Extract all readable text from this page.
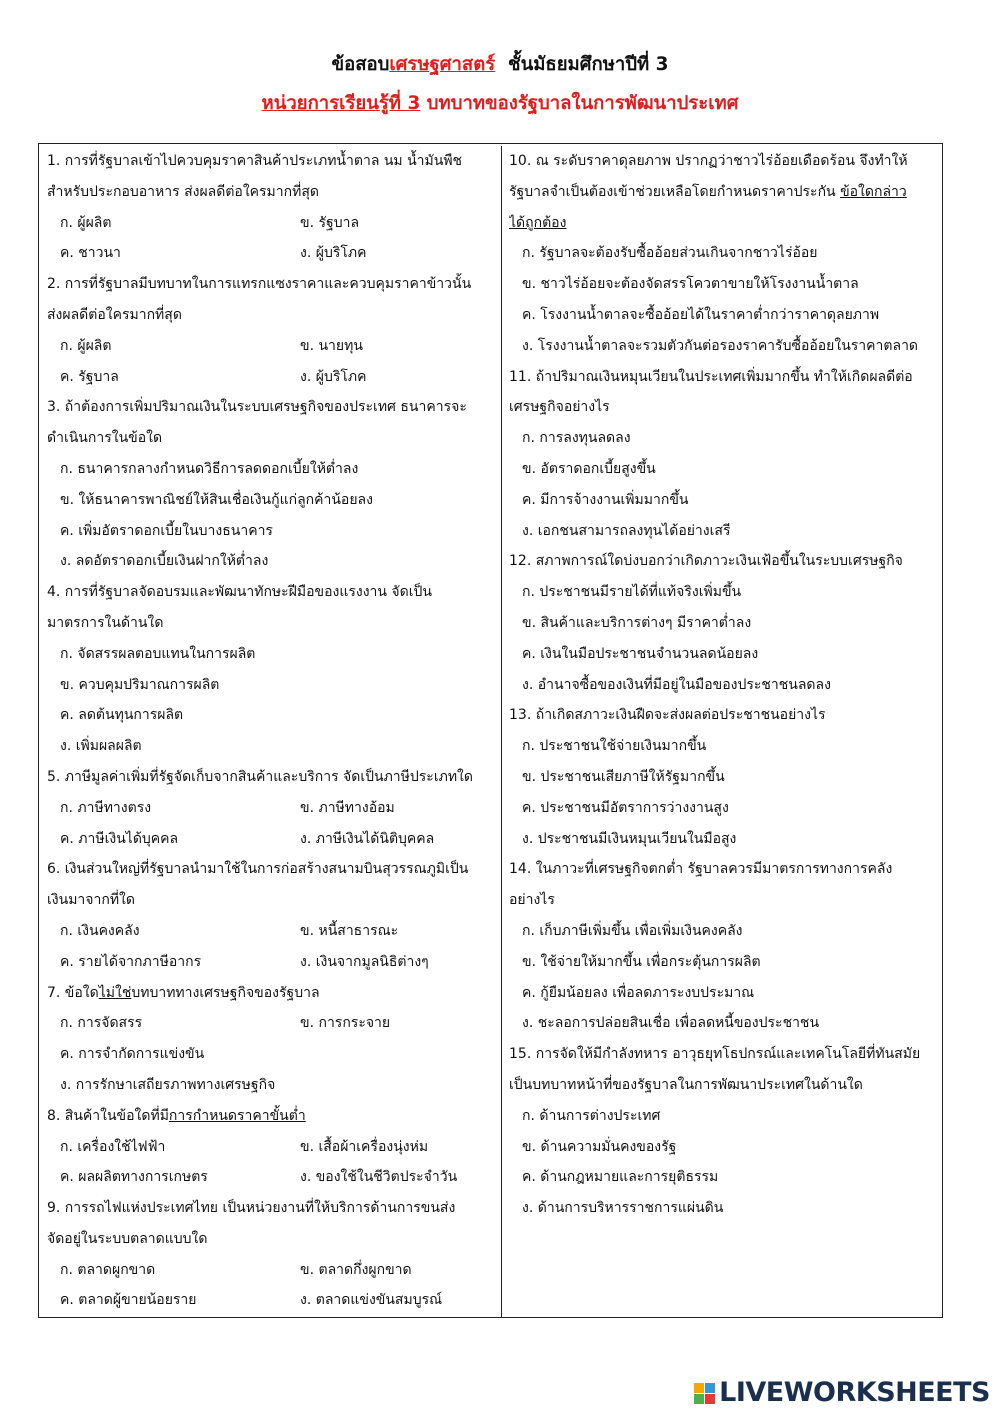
ข้อสอบเศรษฐศาสตร์  ชั้นมัธยมศึกษาปีที่ 3
หน่วยการเรียนรู้ที่ 3 บทบาทของรัฐบาลในการพัฒนาประเทศ
1. การที่รัฐบาลเข้าไปควบคุมราคาสินค้าประเภทน้ำตาล นม น้ำมันพืช
สำหรับประกอบอาหาร ส่งผลดีต่อใครมากที่สุด
ก. ผู้ผลิต	ข. รัฐบาล
ค. ชาวนา	ง. ผู้บริโภค
2. การที่รัฐบาลมีบทบาทในการแทรกแซงราคาและควบคุมราคาข้าวนั้น
ส่งผลดีต่อใครมากที่สุด
ก. ผู้ผลิต	ข. นายทุน
ค. รัฐบาล	ง. ผู้บริโภค
3. ถ้าต้องการเพิ่มปริมาณเงินในระบบเศรษฐกิจของประเทศ ธนาคารจะ
ดำเนินการในข้อใด
ก. ธนาคารกลางกำหนดวิธีการลดดอกเบี้ยให้ต่ำลง
ข. ให้ธนาคารพาณิชย์ให้สินเชื่อเงินกู้แก่ลูกค้าน้อยลง
ค. เพิ่มอัตราดอกเบี้ยในบางธนาคาร
ง. ลดอัตราดอกเบี้ยเงินฝากให้ต่ำลง
4. การที่รัฐบาลจัดอบรมและพัฒนาทักษะฝีมือของแรงงาน จัดเป็น
มาตรการในด้านใด
ก. จัดสรรผลตอบแทนในการผลิต
ข. ควบคุมปริมาณการผลิต
ค. ลดต้นทุนการผลิต
ง. เพิ่มผลผลิต
5. ภาษีมูลค่าเพิ่มที่รัฐจัดเก็บจากสินค้าและบริการ จัดเป็นภาษีประเภทใด
ก. ภาษีทางตรง	ข. ภาษีทางอ้อม
ค. ภาษีเงินได้บุคคล	ง. ภาษีเงินได้นิติบุคคล
6. เงินส่วนใหญ่ที่รัฐบาลนำมาใช้ในการก่อสร้างสนามบินสุวรรณภูมิเป็น
เงินมาจากที่ใด
ก. เงินคงคลัง	ข. หนี้สาธารณะ
ค. รายได้จากภาษีอากร	ง. เงินจากมูลนิธิต่างๆ
7. ข้อใดไม่ใช่บทบาททางเศรษฐกิจของรัฐบาล
ก. การจัดสรร	ข. การกระจาย
ค. การจำกัดการแข่งขัน
ง. การรักษาเสถียรภาพทางเศรษฐกิจ
8. สินค้าในข้อใดที่มีการกำหนดราคาขั้นต่ำ
ก. เครื่องใช้ไฟฟ้า	ข. เสื้อผ้าเครื่องนุ่งห่ม
ค. ผลผลิตทางการเกษตร	ง. ของใช้ในชีวิตประจำวัน
9. การรถไฟแห่งประเทศไทย เป็นหน่วยงานที่ให้บริการด้านการขนส่ง
จัดอยู่ในระบบตลาดแบบใด
ก. ตลาดผูกขาด	ข. ตลาดกึ่งผูกขาด
ค. ตลาดผู้ขายน้อยราย	ง. ตลาดแข่งขันสมบูรณ์
10. ณ ระดับราคาดุลยภาพ ปรากฏว่าชาวไร่อ้อยเดือดร้อน จึงทำให้
รัฐบาลจำเป็นต้องเข้าช่วยเหลือโดยกำหนดราคาประกัน ข้อใดกล่าว
ได้ถูกต้อง
ก. รัฐบาลจะต้องรับซื้ออ้อยส่วนเกินจากชาวไร่อ้อย
ข. ชาวไร่อ้อยจะต้องจัดสรรโควตาขายให้โรงงานน้ำตาล
ค. โรงงานน้ำตาลจะซื้ออ้อยได้ในราคาต่ำกว่าราคาดุลยภาพ
ง. โรงงานน้ำตาลจะรวมตัวกันต่อรองราคารับซื้ออ้อยในราคาตลาด
11. ถ้าปริมาณเงินหมุนเวียนในประเทศเพิ่มมากขึ้น ทำให้เกิดผลดีต่อ
เศรษฐกิจอย่างไร
ก. การลงทุนลดลง
ข. อัตราดอกเบี้ยสูงขึ้น
ค. มีการจ้างงานเพิ่มมากขึ้น
ง. เอกชนสามารถลงทุนได้อย่างเสรี
12. สภาพการณ์ใดบ่งบอกว่าเกิดภาวะเงินเฟ้อขึ้นในระบบเศรษฐกิจ
ก. ประชาชนมีรายได้ที่แท้จริงเพิ่มขึ้น
ข. สินค้าและบริการต่างๆ มีราคาต่ำลง
ค. เงินในมือประชาชนจำนวนลดน้อยลง
ง. อำนาจซื้อของเงินที่มีอยู่ในมือของประชาชนลดลง
13. ถ้าเกิดสภาวะเงินฝืดจะส่งผลต่อประชาชนอย่างไร
ก. ประชาชนใช้จ่ายเงินมากขึ้น
ข. ประชาชนเสียภาษีให้รัฐมากขึ้น
ค. ประชาชนมีอัตราการว่างงานสูง
ง. ประชาชนมีเงินหมุนเวียนในมือสูง
14. ในภาวะที่เศรษฐกิจตกต่ำ รัฐบาลควรมีมาตรการทางการคลัง
อย่างไร
ก. เก็บภาษีเพิ่มขึ้น เพื่อเพิ่มเงินคงคลัง
ข. ใช้จ่ายให้มากขึ้น เพื่อกระตุ้นการผลิต
ค. กู้ยืมน้อยลง เพื่อลดภาระงบประมาณ
ง. ชะลอการปล่อยสินเชื่อ เพื่อลดหนี้ของประชาชน
15. การจัดให้มีกำลังทหาร อาวุธยุทโธปกรณ์และเทคโนโลยีที่ทันสมัย
เป็นบทบาทหน้าที่ของรัฐบาลในการพัฒนาประเทศในด้านใด
ก. ด้านการต่างประเทศ
ข. ด้านความมั่นคงของรัฐ
ค. ด้านกฎหมายและการยุติธรรม
ง. ด้านการบริหารราชการแผ่นดิน
LIVEWORKSHEETS
